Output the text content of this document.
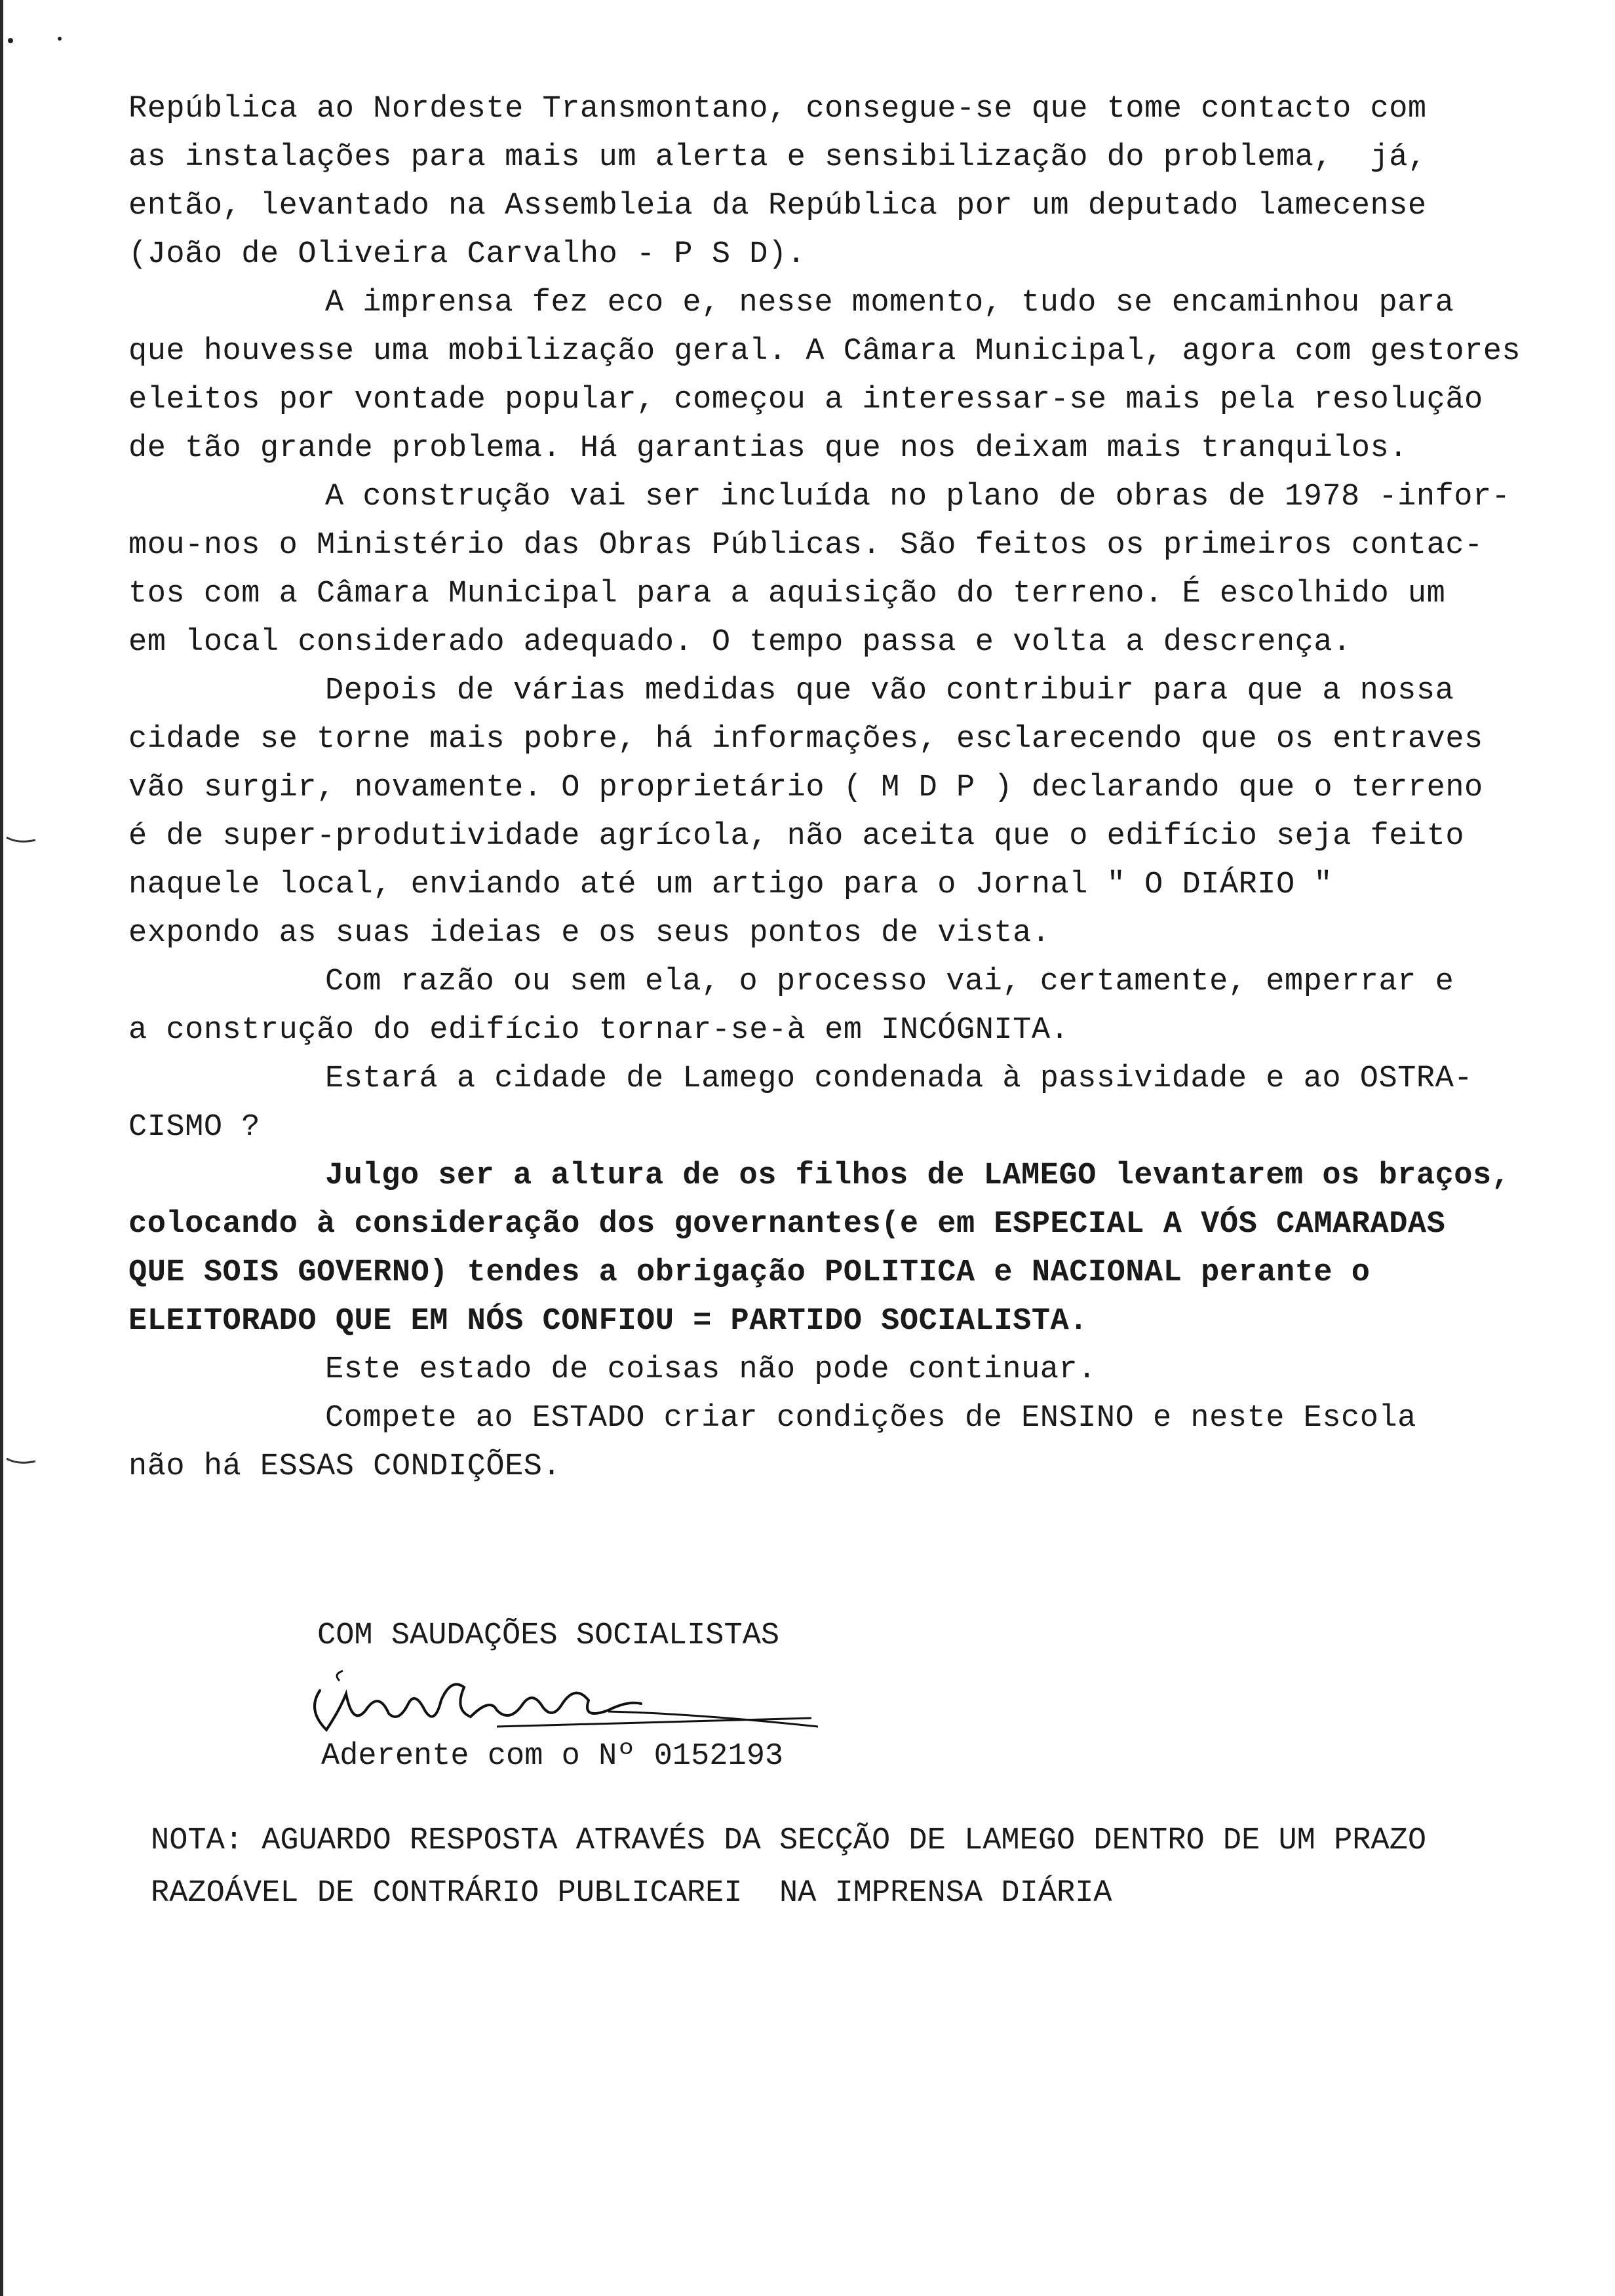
República ao Nordeste Transmontano, consegue-se que tome contacto com
as instalações para mais um alerta e sensibilização do problema,  já,
então, levantado na Assembleia da República por um deputado lamecense
(João de Oliveira Carvalho - P S D).
A imprensa fez eco e, nesse momento, tudo se encaminhou para
que houvesse uma mobilização geral. A Câmara Municipal, agora com gestores
eleitos por vontade popular, começou a interessar-se mais pela resolução
de tão grande problema. Há garantias que nos deixam mais tranquilos.
A construção vai ser incluída no plano de obras de 1978 -infor-
mou-nos o Ministério das Obras Públicas. São feitos os primeiros contac-
tos com a Câmara Municipal para a aquisição do terreno. É escolhido um
em local considerado adequado. O tempo passa e volta a descrença.
Depois de várias medidas que vão contribuir para que a nossa
cidade se torne mais pobre, há informações, esclarecendo que os entraves
vão surgir, novamente. O proprietário ( M D P ) declarando que o terreno
é de super-produtividade agrícola, não aceita que o edifício seja feito
naquele local, enviando até um artigo para o Jornal " O DIÁRIO "
expondo as suas ideias e os seus pontos de vista.
Com razão ou sem ela, o processo vai, certamente, emperrar e
a construção do edifício tornar-se-à em INCÓGNITA.
Estará a cidade de Lamego condenada à passividade e ao OSTRA-
CISMO ?
Julgo ser a altura de os filhos de LAMEGO levantarem os braços,
colocando à consideração dos governantes(e em ESPECIAL A VÓS CAMARADAS
QUE SOIS GOVERNO) tendes a obrigação POLITICA e NACIONAL perante o
ELEITORADO QUE EM NÓS CONFIOU = PARTIDO SOCIALISTA.
Este estado de coisas não pode continuar.
Compete ao ESTADO criar condições de ENSINO e neste Escola
não há ESSAS CONDIÇÕES.
COM SAUDAÇÕES SOCIALISTAS
Aderente com o Nº 0152193
NOTA: AGUARDO RESPOSTA ATRAVÉS DA SECÇÃO DE LAMEGO DENTRO DE UM PRAZO
RAZOÁVEL DE CONTRÁRIO PUBLICAREI  NA IMPRENSA DIÁRIA
